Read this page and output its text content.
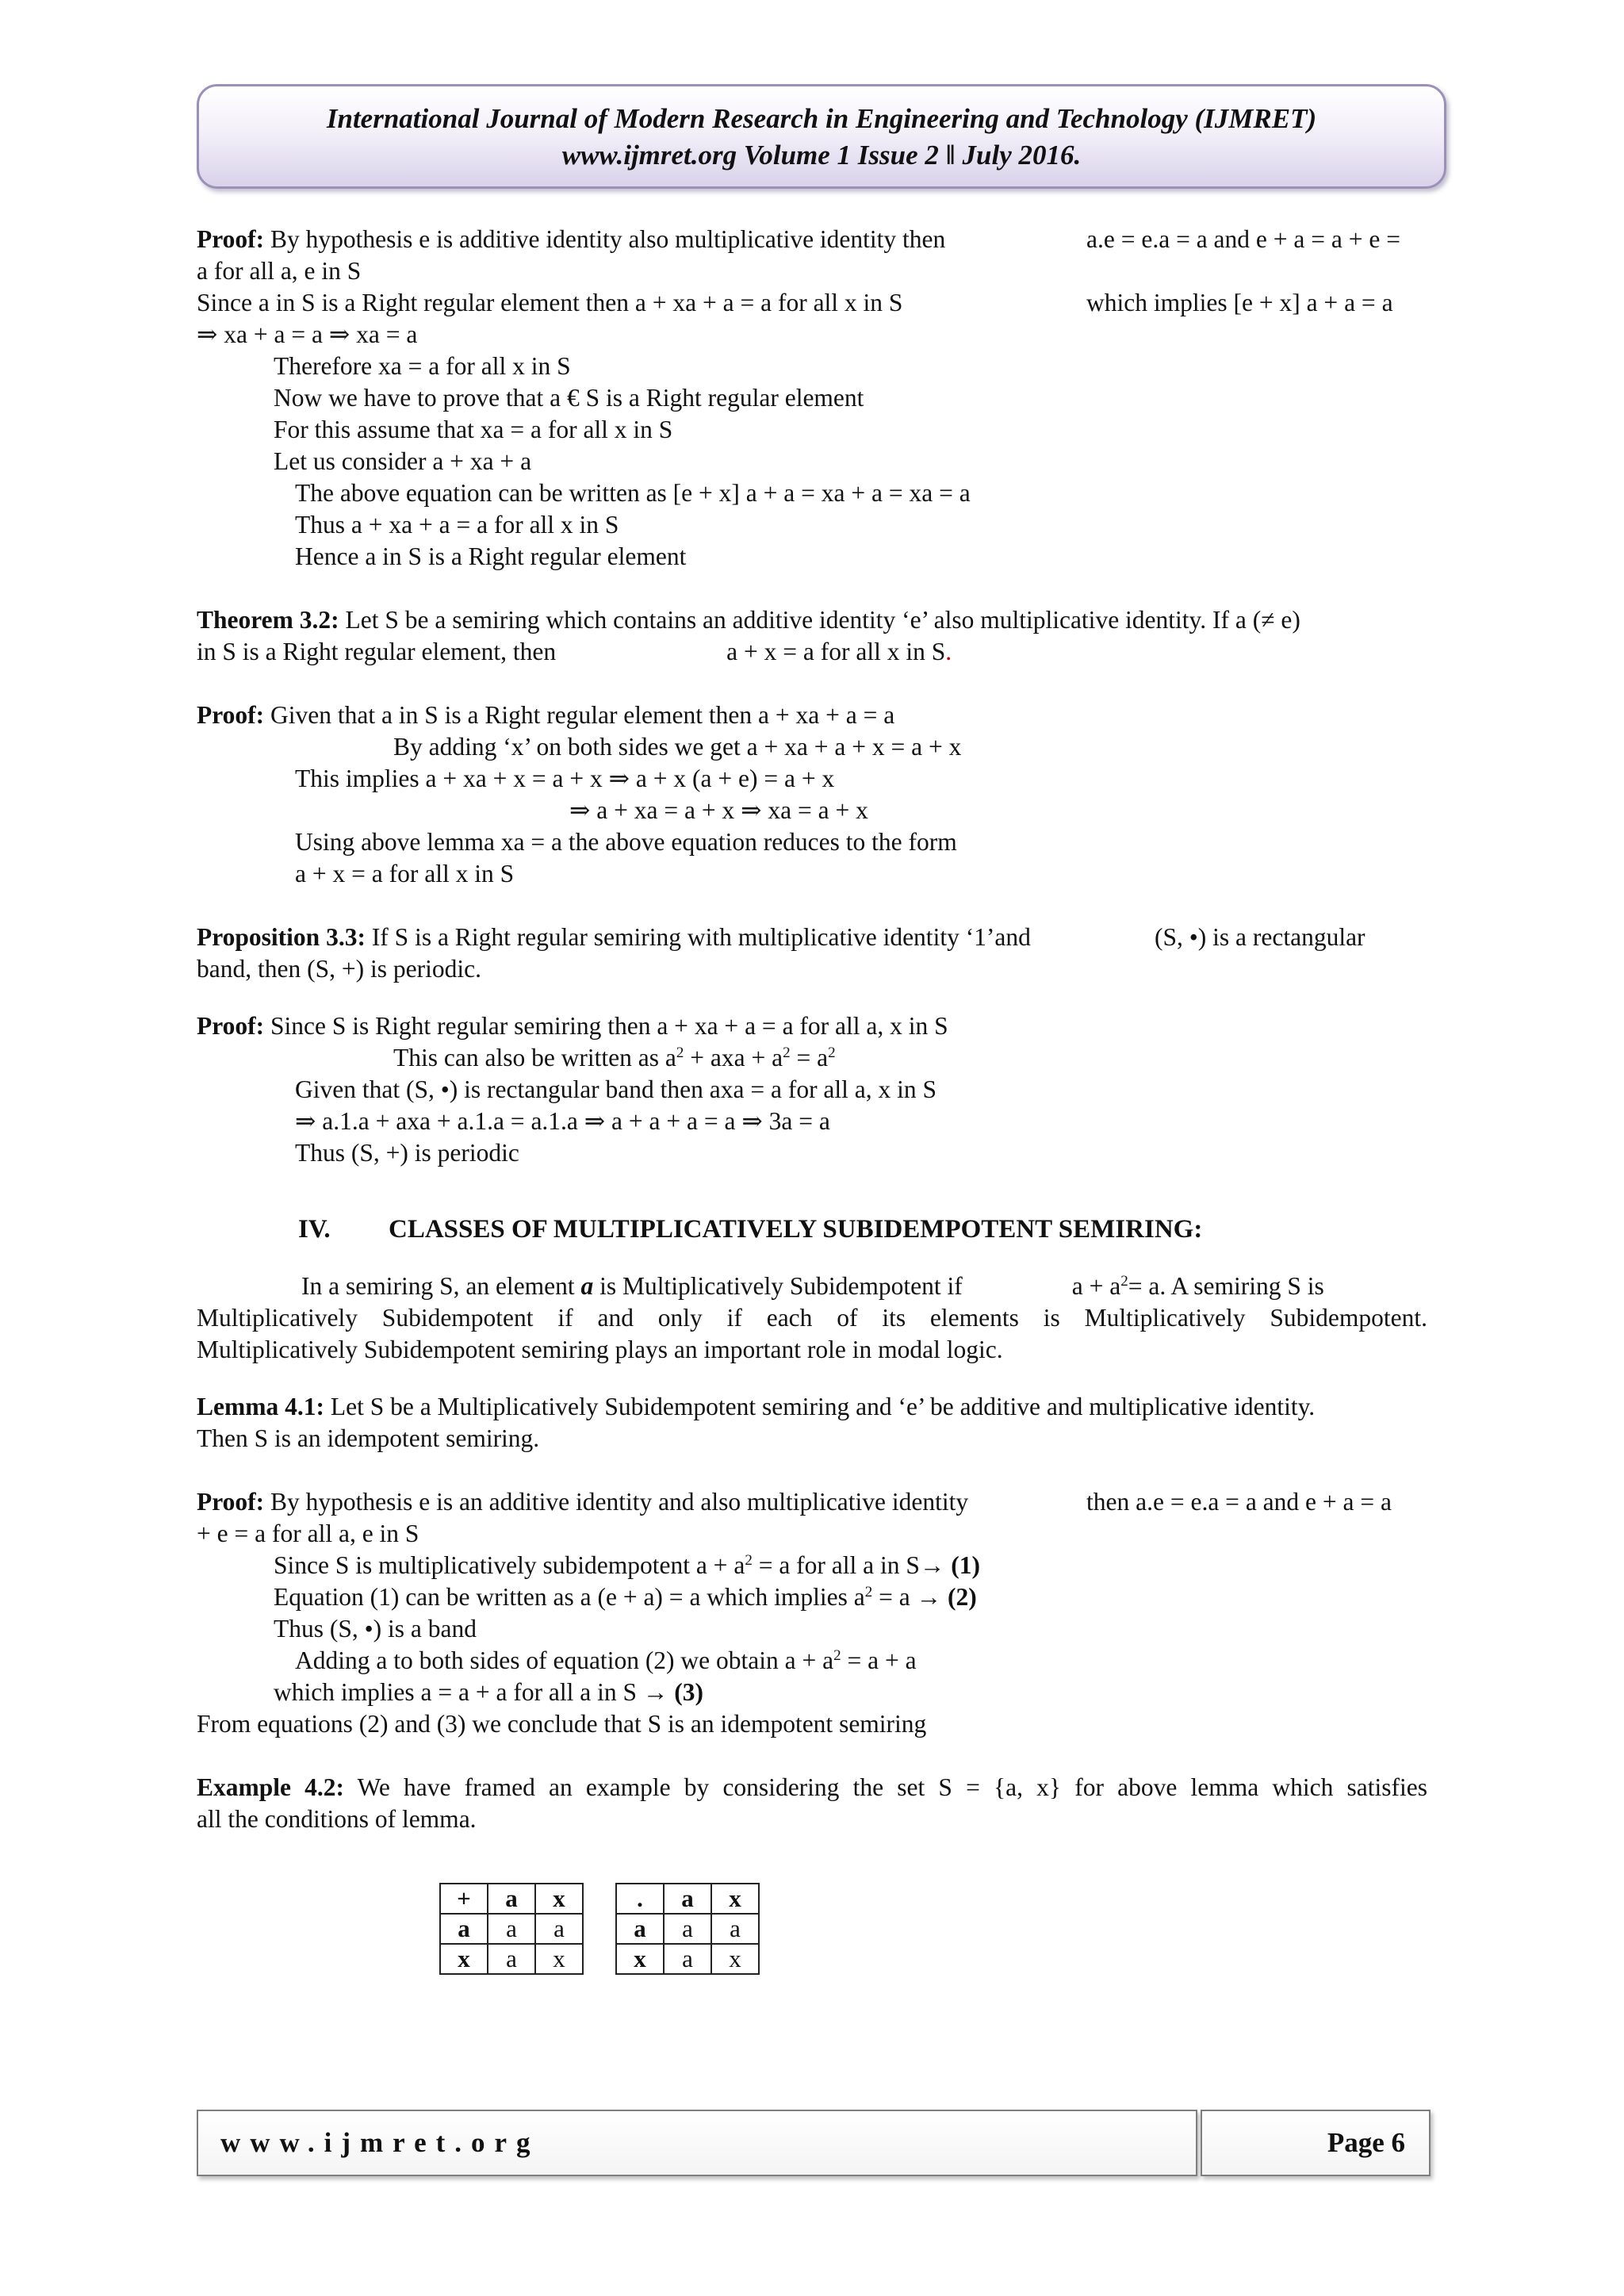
International Journal of Modern Research in Engineering and Technology (IJMRET)
www.ijmret.org Volume 1 Issue 2 ǁ July 2016.

Proof: By hypothesis e is additive identity also multiplicative identity then	a.e = e.a = a and e + a = a + e =

a for all a, e in S

Since a in S is a Right regular element then a + xa + a = a for all x in S	which implies [e + x] a + a = a

⇒ xa + a = a ⇒ xa = a

Therefore xa = a for all x in S

Now we have to prove that a € S is a Right regular element

For this assume that xa = a for all x in S

Let us consider a + xa + a

The above equation can be written as [e + x] a + a = xa + a = xa = a

Thus a + xa + a = a for all x in S

Hence a in S is a Right regular element

Theorem 3.2: Let S be a semiring which contains an additive identity ‘e’ also multiplicative identity. If a (≠ e)

in S is a Right regular element, then	a + x = a for all x in S.

Proof: Given that a in S is a Right regular element then a + xa + a = a

By adding ‘x’ on both sides we get a + xa + a + x = a + x

This implies a + xa + x = a + x ⇒ a + x (a + e) = a + x

⇒ a + xa = a + x ⇒ xa = a + x

Using above lemma xa = a the above equation reduces to the form

a + x = a for all x in S

Proposition 3.3: If S is a Right regular semiring with multiplicative identity ‘1’and	(S, •) is a rectangular

band, then (S, +) is periodic.

Proof: Since S is Right regular semiring then a + xa + a = a for all a, x in S

This can also be written as $a^2$ + axa + $a^2 = a^2$

Given that (S, •) is rectangular band then axa = a for all a, x in S

⇒ a.1.a + axa + a.1.a = a.1.a ⇒ a + a + a = a ⇒ 3a = a

Thus (S, +) is periodic

IV. CLASSES OF MULTIPLICATIVELY SUBIDEMPOTENT SEMIRING:

In a semiring S, an element a is Multiplicatively Subidempotent if	$a + a^2= a$. A semiring S is

Multiplicatively Subidempotent if and only if each of its elements is Multiplicatively Subidempotent.

Multiplicatively Subidempotent semiring plays an important role in modal logic.

Lemma 4.1: Let S be a Multiplicatively Subidempotent semiring and ‘e’ be additive and multiplicative identity.

Then S is an idempotent semiring.

Proof: By hypothesis e is an additive identity and also multiplicative identity	then a.e = e.a = a and e + a = a

+ e = a for all a, e in S

Since S is multiplicatively subidempotent $a + a^2 = a$ for all a in S→ (1)

Equation (1) can be written as a (e + a) = a which implies $a^2 = a \to (2)$

Thus (S, •) is a band

Adding a to both sides of equation (2) we obtain $a + a^2 = a + a$

which implies a = a + a for all a in S → (3)

From equations (2) and (3) we conclude that S is an idempotent semiring

Example 4.2: We have framed an example by considering the set S = {a, x} for above lemma which satisfies

all the conditions of lemma.

+	a	x
a	a	a
x	a	x
.	a	x
a	a	a
x	a	x
www.ijmret.org	Page 6
